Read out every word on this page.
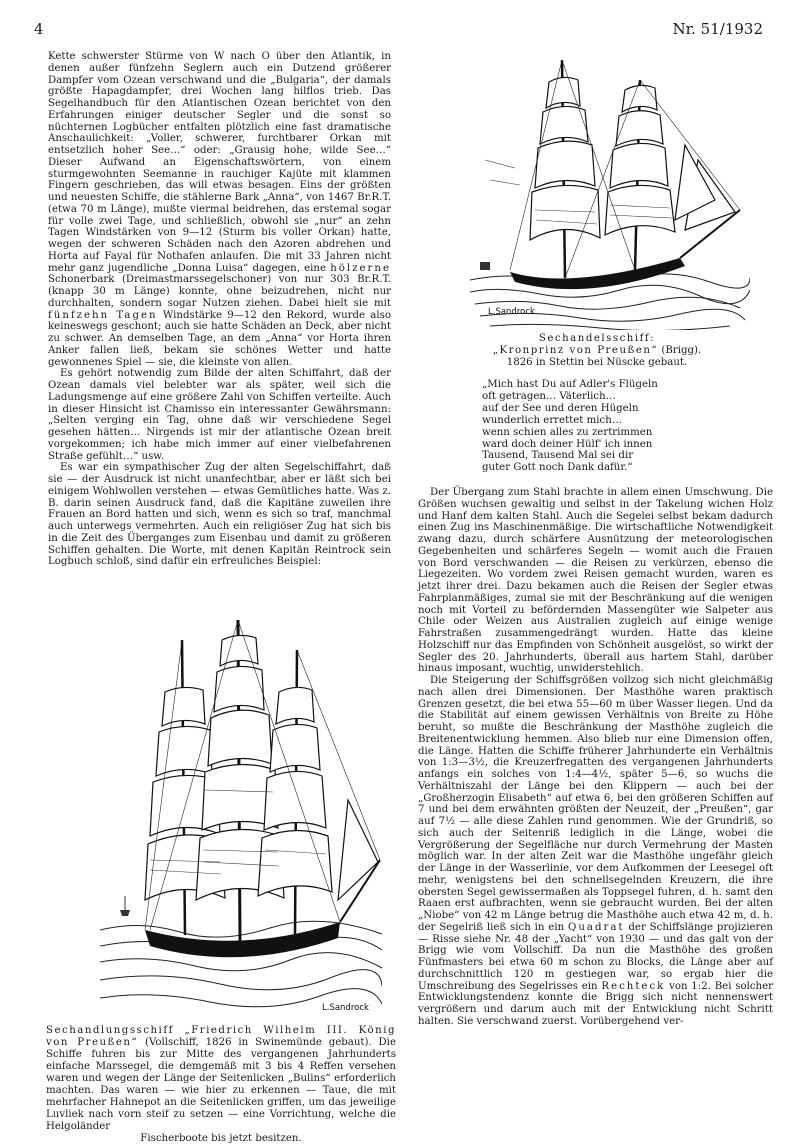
4	Nr. 51/1932

Kette schwerster Stürme von W nach O über den Atlantik, in denen außer fünfzehn Seglern auch ein Dutzend größerer Dampfer vom Ozean verschwand und die „Bulgaria“, der damals größte Hapagdampfer, drei Wochen lang hilflos trieb. Das Segelhandbuch für den Atlantischen Ozean berichtet von den Erfahrungen einiger deutscher Segler und die sonst so nüchternen Logbücher entfalten plötzlich eine fast dramatische Anschaulichkeit: „Voller, schwerer, furchtbarer Orkan mit entsetzlich hoher See…“ oder: „Grausig hohe, wilde See…“ Dieser Aufwand an Eigenschaftswörtern, von einem sturmgewohnten Seemanne in rauchiger Kajüte mit klammen Fingern geschrieben, das will etwas besagen. Eins der größten und neuesten Schiffe, die stählerne Bark „Anna“, von 1467 Br.R.T. (etwa 70 m Länge), mußte viermal beidrehen, das erstemal sogar für volle zwei Tage, und schließlich, obwohl sie „nur“ an zehn Tagen Windstärken von 9—12 (Sturm bis voller Orkan) hatte, wegen der schweren Schäden nach den Azoren abdrehen und Horta auf Fayal für Nothafen anlaufen. Die mit 33 Jahren nicht mehr ganz jugendliche „Donna Luisa“ dagegen, eine hölzerne Schonerbark (Dreimastmarssegelschoner) von nur 303 Br.R.T. (knapp 30 m Länge) konnte, ohne beizudrehen, nicht nur durchhalten, sondern sogar Nutzen ziehen. Dabei hielt sie mit fünfzehn Tagen Windstärke 9—12 den Rekord, wurde also keineswegs geschont; auch sie hatte Schäden an Deck, aber nicht zu schwer. An demselben Tage, an dem „Anna“ vor Horta ihren Anker fallen ließ, bekam sie schönes Wetter und hatte gewonnenes Spiel — sie, die kleinste von allen.

Es gehört notwendig zum Bilde der alten Schiffahrt, daß der Ozean damals viel belebter war als später, weil sich die Ladungsmenge auf eine größere Zahl von Schiffen verteilte. Auch in dieser Hinsicht ist Chamisso ein interessanter Gewährsmann: „Selten verging ein Tag, ohne daß wir verschiedene Segel gesehen hätten… Nirgends ist mir der atlantische Ozean breit vorgekommen; ich habe mich immer auf einer vielbefahrenen Straße gefühlt…“ usw.

Es war ein sympathischer Zug der alten Segelschiffahrt, daß sie — der Ausdruck ist nicht unanfechtbar, aber er läßt sich bei einigem Wohlwollen verstehen — etwas Gemütliches hatte. Was z. B. darin seinen Ausdruck fand, daß die Kapitäne zuweilen ihre Frauen an Bord hatten und sich, wenn es sich so traf, manchmal auch unterwegs vermehrten. Auch ein religiöser Zug hat sich bis in die Zeit des Überganges zum Eisenbau und damit zu größeren Schiffen gehalten. Die Worte, mit denen Kapitän Reintrock sein Logbuch schloß, sind dafür ein erfreuliches Beispiel:

L.Sandrock
Sechandelsschiff:
„Kronprinz von Preußen“ (Brigg).
1826 in Stettin bei Nüscke gebaut.
„Mich hast Du auf Adler's Flügeln
oft getragen… Väterlich…
auf der See und deren Hügeln
wunderlich errettet mich…
wenn schien alles zu zertrimmen
ward doch deiner Hülf' ich innen
Tausend, Tausend Mal sei dir
guter Gott noch Dank dafür.“

Der Übergang zum Stahl brachte in allem einen Umschwung. Die Größen wuchsen gewaltig und selbst in der Takelung wichen Holz und Hanf dem kalten Stahl. Auch die Segelei selbst bekam dadurch einen Zug ins Maschinenmäßige. Die wirtschaftliche Notwendigkeit zwang dazu, durch schärfere Ausnützung der meteorologischen Gegebenheiten und schärferes Segeln — womit auch die Frauen von Bord verschwanden — die Reisen zu verkürzen, ebenso die Liegezeiten. Wo vordem zwei Reisen gemacht wurden, waren es jetzt ihrer drei. Dazu bekamen auch die Reisen der Segler etwas Fahrplanmäßiges, zumal sie mit der Beschränkung auf die wenigen noch mit Vorteil zu befördernden Massengüter wie Salpeter aus Chile oder Weizen aus Australien zugleich auf einige wenige Fahrstraßen zusammengedrängt wurden. Hatte das kleine Holzschiff nur das Empfinden von Schönheit ausgelöst, so wirkt der Segler des 20. Jahrhunderts, überall aus hartem Stahl, darüber hinaus imposant, wuchtig, unwiderstehlich.

Die Steigerung der Schiffsgrößen vollzog sich nicht gleichmäßig nach allen drei Dimensionen. Der Masthöhe waren praktisch Grenzen gesetzt, die bei etwa 55—60 m über Wasser liegen. Und da die Stabilität auf einem gewissen Verhältnis von Breite zu Höhe beruht, so mußte die Beschränkung der Masthöhe zugleich die Breitenentwicklung hemmen. Also blieb nur eine Dimension offen, die Länge. Hatten die Schiffe früherer Jahrhunderte ein Verhältnis von 1:3—3½, die Kreuzerfregatten des vergangenen Jahrhunderts anfangs ein solches von 1:4—4½, später 5—6, so wuchs die Verhältniszahl der Länge bei den Klippern — auch bei der „Großherzogin Elisabeth“ auf etwa 6, bei den größeren Schiffen auf 7 und bei dem erwähnten größten der Neuzeit, der „Preußen“, gar auf 7½ — alle diese Zahlen rund genommen. Wie der Grundriß, so sich auch der Seitenriß lediglich in die Länge, wobei die Vergrößerung der Segelfläche nur durch Vermehrung der Masten möglich war. In der alten Zeit war die Masthöhe ungefähr gleich der Länge in der Wasserlinie, vor dem Aufkommen der Leesegel oft mehr, wenigstens bei den schnellsegelnden Kreuzern, die ihre obersten Segel gewissermaßen als Toppsegel fuhren, d. h. samt den Raaen erst aufbrachten, wenn sie gebraucht wurden. Bei der alten „Niobe“ von 42 m Länge betrug die Masthöhe auch etwa 42 m, d. h. der Segelriß ließ sich in ein Quadrat der Schiffslänge projizieren — Risse siehe Nr. 48 der „Yacht“ von 1930 — und das galt von der Brigg wie vom Vollschiff. Da nun die Masthöhe des großen Fünfmasters bei etwa 60 m schon zu Blocks, die Länge aber auf durchschnittlich 120 m gestiegen war, so ergab hier die Umschreibung des Segelrisses ein Rechteck von 1:2. Bei solcher Entwicklungstendenz konnte die Brigg sich nicht nennenswert vergrößern und darum auch mit der Entwicklung nicht Schritt halten. Sie verschwand zuerst. Vorübergehend ver-

L.Sandrock
Sechandlungsschiff „Friedrich Wilhelm III. König von Preußen“ (Vollschiff, 1826 in Swinemünde gebaut). Die Schiffe fuhren bis zur Mitte des vergangenen Jahrhunderts einfache Marssegel, die demgemäß mit 3 bis 4 Reffen versehen waren und wegen der Länge der Seitenlicken „Bulins“ erforderlich machten. Das waren — wie hier zu erkennen — Taue, die mit mehrfacher Hahnepot an die Seitenlicken griffen, um das jeweilige Luvliek nach vorn steif zu setzen — eine Vorrichtung, welche die Helgoländer
Fischerboote bis jetzt besitzen.
